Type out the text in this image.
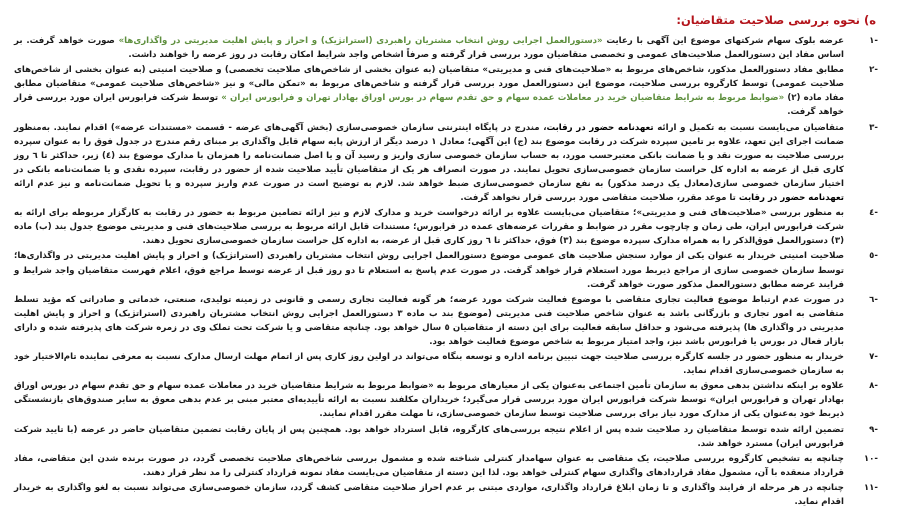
ه) نحوه بررسی صلاحیت متقاضیان:
-۱
عرضه بلوک سهام شرکتهای موضوع این آگهی با رعایت «دستورالعمل اجرایی روش انتخاب مشتریان راهبردی (استراتژیک) و احراز و پایش اهلیت مدیریتی در واگذاری‌ها» صورت خواهد گرفت. بر اساس مفاد این دستورالعمل صلاحیت‌های عمومی و تخصصی متقاضیان مورد بررسی قرار گرفته و صرفاً اشخاص واجد شرایط امکان رقابت در روز عرضه را خواهند داشت.
-۲
مطابق مفاد دستورالعمل مذکور، شاخص‌های مربوط به «صلاحیت‌های فنی و مدیریتی» متقاضیان (به عنوان بخشی از شاخص‌های صلاحیت تخصصی) و صلاحیت امنیتی (به عنوان بخشی از شاخص‌های صلاحیت عمومی) توسط کارگروه بررسی صلاحیت، موضوع این دستورالعمل مورد بررسی قرار گرفته و شاخص‌های مربوط به «تمکن مالی» و نیز «شاخص‌های صلاحیت عمومی» متقاضیان مطابق مفاد ماده (۲) «ضوابط مربوط به شرایط متقاضیان خرید در معاملات عمده سهام و حق تقدم سهام در بورس اوراق بهادار تهران و فرابورس ایران » توسط شرکت فرابورس ایران مورد بررسی قرار خواهد گرفت.
-۳
متقاضیان می‌بایست نسبت به تکمیل و ارائه تعهدنامه حضور در رقابت، مندرج در پایگاه اینترنتی سازمان خصوصی‌سازی (بخش آگهی‌های عرضه - قسمت «مستندات عرضه») اقدام نمایند. به‌منظور ضمانت اجرای این تعهد، علاوه بر تامین سپرده شرکت در رقابت موضوع بند (ج) این آگهی؛ معادل ۱ درصد دیگر از ارزش پایه سهام قابل واگذاری بر مبنای رقم مندرج در جدول فوق را به عنوان سپرده بررسی صلاحیت به صورت نقد و یا ضمانت بانکی معتبرحسب مورد، به حساب سازمان خصوصی سازی واریز و رسید آن و یا اصل ضمانت‌نامه را همزمان با مدارک موضوع بند (٤) زیر، حداکثر تا ٦ روز کاری قبل از عرضه به اداره کل حراست سازمان خصوصی‌سازی تحویل نمایند. در صورت انصراف هر یک از متقاضیان تأیید صلاحیت شده از حضور در رقابت، سپرده نقدی و یا ضمانت‌نامه بانکی در اختیار سازمان خصوصی سازی(معادل یک درصد مذکور) به نفع سازمان خصوصی‌سازی ضبط خواهد شد. لازم به توضیح است در صورت عدم واریز سپرده و یا تحویل ضمانت‌نامه و نیز عدم ارائه تعهدنامه حضور در رقابت تا موعد مقرر، صلاحیت متقاضی مورد بررسی قرار نخواهد گرفت.
-٤
به منظور بررسی «صلاحیت‌های فنی و مدیریتی»؛ متقاضیان می‌بایست علاوه بر ارائه درخواست خرید و مدارک لازم و نیز ارائه تضامین مربوط به حضور در رقابت به کارگزار مربوطه برای ارائه به شرکت فرابورس ایران، طی زمان و چارچوب مقرر در ضوابط و مقررات عرضه‌های عمده در فرابورس؛ مستندات قابل ارائه مربوط به بررسی صلاحیت‌های فنی و مدیریتی موضوع جدول بند (ب) ماده (۳) دستورالعمل فوق‌الذکر را به همراه مدارک سپرده موضوع بند (۳) فوق، حداکثر تا ٦ روز کاری قبل از عرضه، به اداره کل حراست سازمان خصوصی‌سازی تحویل دهند.
-٥
صلاحیت امنیتی خریدار به عنوان یکی از موارد سنجش صلاحیت های عمومی موضوع دستورالعمل اجرایی روش انتخاب مشتریان راهبردی (استراتژیک) و احراز و پایش اهلیت مدیریتی در واگذاری‌ها؛ توسط سازمان خصوصی سازی از مراجع ذیربط مورد استعلام قرار خواهد گرفت. در صورت عدم پاسخ به استعلام تا دو روز قبل از عرضه توسط مراجع فوق، اعلام فهرست متقاضیان واجد شرایط و فرایند عرضه مطابق دستورالعمل مذکور صورت خواهد گرفت.
-٦
در صورت عدم ارتباط موضوع فعالیت تجاری متقاضی با موضوع فعالیت شرکت مورد عرضه؛ هر گونه فعالیت تجاری رسمی و قانونی در زمینه تولیدی، صنعتی، خدماتی و صادراتی که مؤید تسلط متقاضی به امور تجاری و بازرگانی باشد به عنوان شاخص صلاحیت فنی مدیریتی (موضوع بند ب ماده ۳ دستورالعمل اجرایی روش انتخاب مشتریان راهبردی (استراتژیک) و احراز و پایش اهلیت مدیریتی در واگذاری ها) پذیرفته می‌شود و حداقل سابقه فعالیت برای این دسته از متقاضیان ٥ سال خواهد بود. چنانچه متقاضی و یا شرکت تحت تملک وی در زمره شرکت های پذیرفته شده و دارای بازار فعال در بورس یا فرابورس باشد نیز، واجد امتیاز مربوط به شاخص موضوع فعالیت خواهد بود.
-۷
خریدار به منظور حضور در جلسه کارگره بررسی صلاحیت جهت تبیین برنامه اداره و توسعه بنگاه می‌تواند در اولین روز کاری پس از اتمام مهلت ارسال مدارک نسبت به معرفی نماینده تام‌الاختیار خود به سازمان خصوصی‌سازی اقدام نماید.
-۸
علاوه بر اینکه نداشتن بدهی معوق به سازمان تأمین اجتماعی به‌عنوان یکی از معیارهای مربوط به «ضوابط مربوط به شرایط متقاضیان خرید در معاملات عمده سهام و حق تقدم سهام در بورس اوراق بهادار تهران و فرابورس ایران» توسط شرکت فرابورس ایران مورد بررسی قرار می‌گیرد؛ خریداران مکلفند نسبت به ارائه تأییدیه‌ای معتبر مبنی بر عدم بدهی معوق به سایر صندوق‌های بازنشستگی ذیربط خود به‌عنوان یکی از مدارک مورد نیاز برای بررسی صلاحیت توسط سازمان خصوصی‌سازی، تا مهلت مقرر اقدام نمایند.
-۹
تضمین ارائه شده توسط متقاضیان رد صلاحیت شده پس از اعلام نتیجه بررسی‌های کارگروه، قابل استرداد خواهد بود. همچنین پس از پایان رقابت تضمین متقاضیان حاضر در عرضه (با تایید شرکت فرابورس ایران) مسترد خواهد شد.
-۱۰
چنانچه به تشخیص کارگروه بررسی صلاحیت، یک متقاضی به عنوان سهامدار کنترلی شناخته شده و مشمول بررسی شاخص‌های صلاحیت تخصصی گردد، در صورت برنده شدن این متقاضی، مفاد قرارداد منعقده با آن، مشمول مفاد قراردادهای واگذاری سهام کنترلی خواهد بود. لذا این دسته از متقاضیان می‌بایست مفاد نمونه قرارداد کنترلی را مد نظر قرار دهند.
-۱۱
چنانچه در هر مرحله از فرایند واگذاری و تا زمان ابلاغ قرارداد واگذاری، مواردی مبتنی بر عدم احراز صلاحیت متقاضی کشف گردد، سازمان خصوصی‌سازی می‌تواند نسبت به لغو واگذاری به خریدار اقدام نماید.
